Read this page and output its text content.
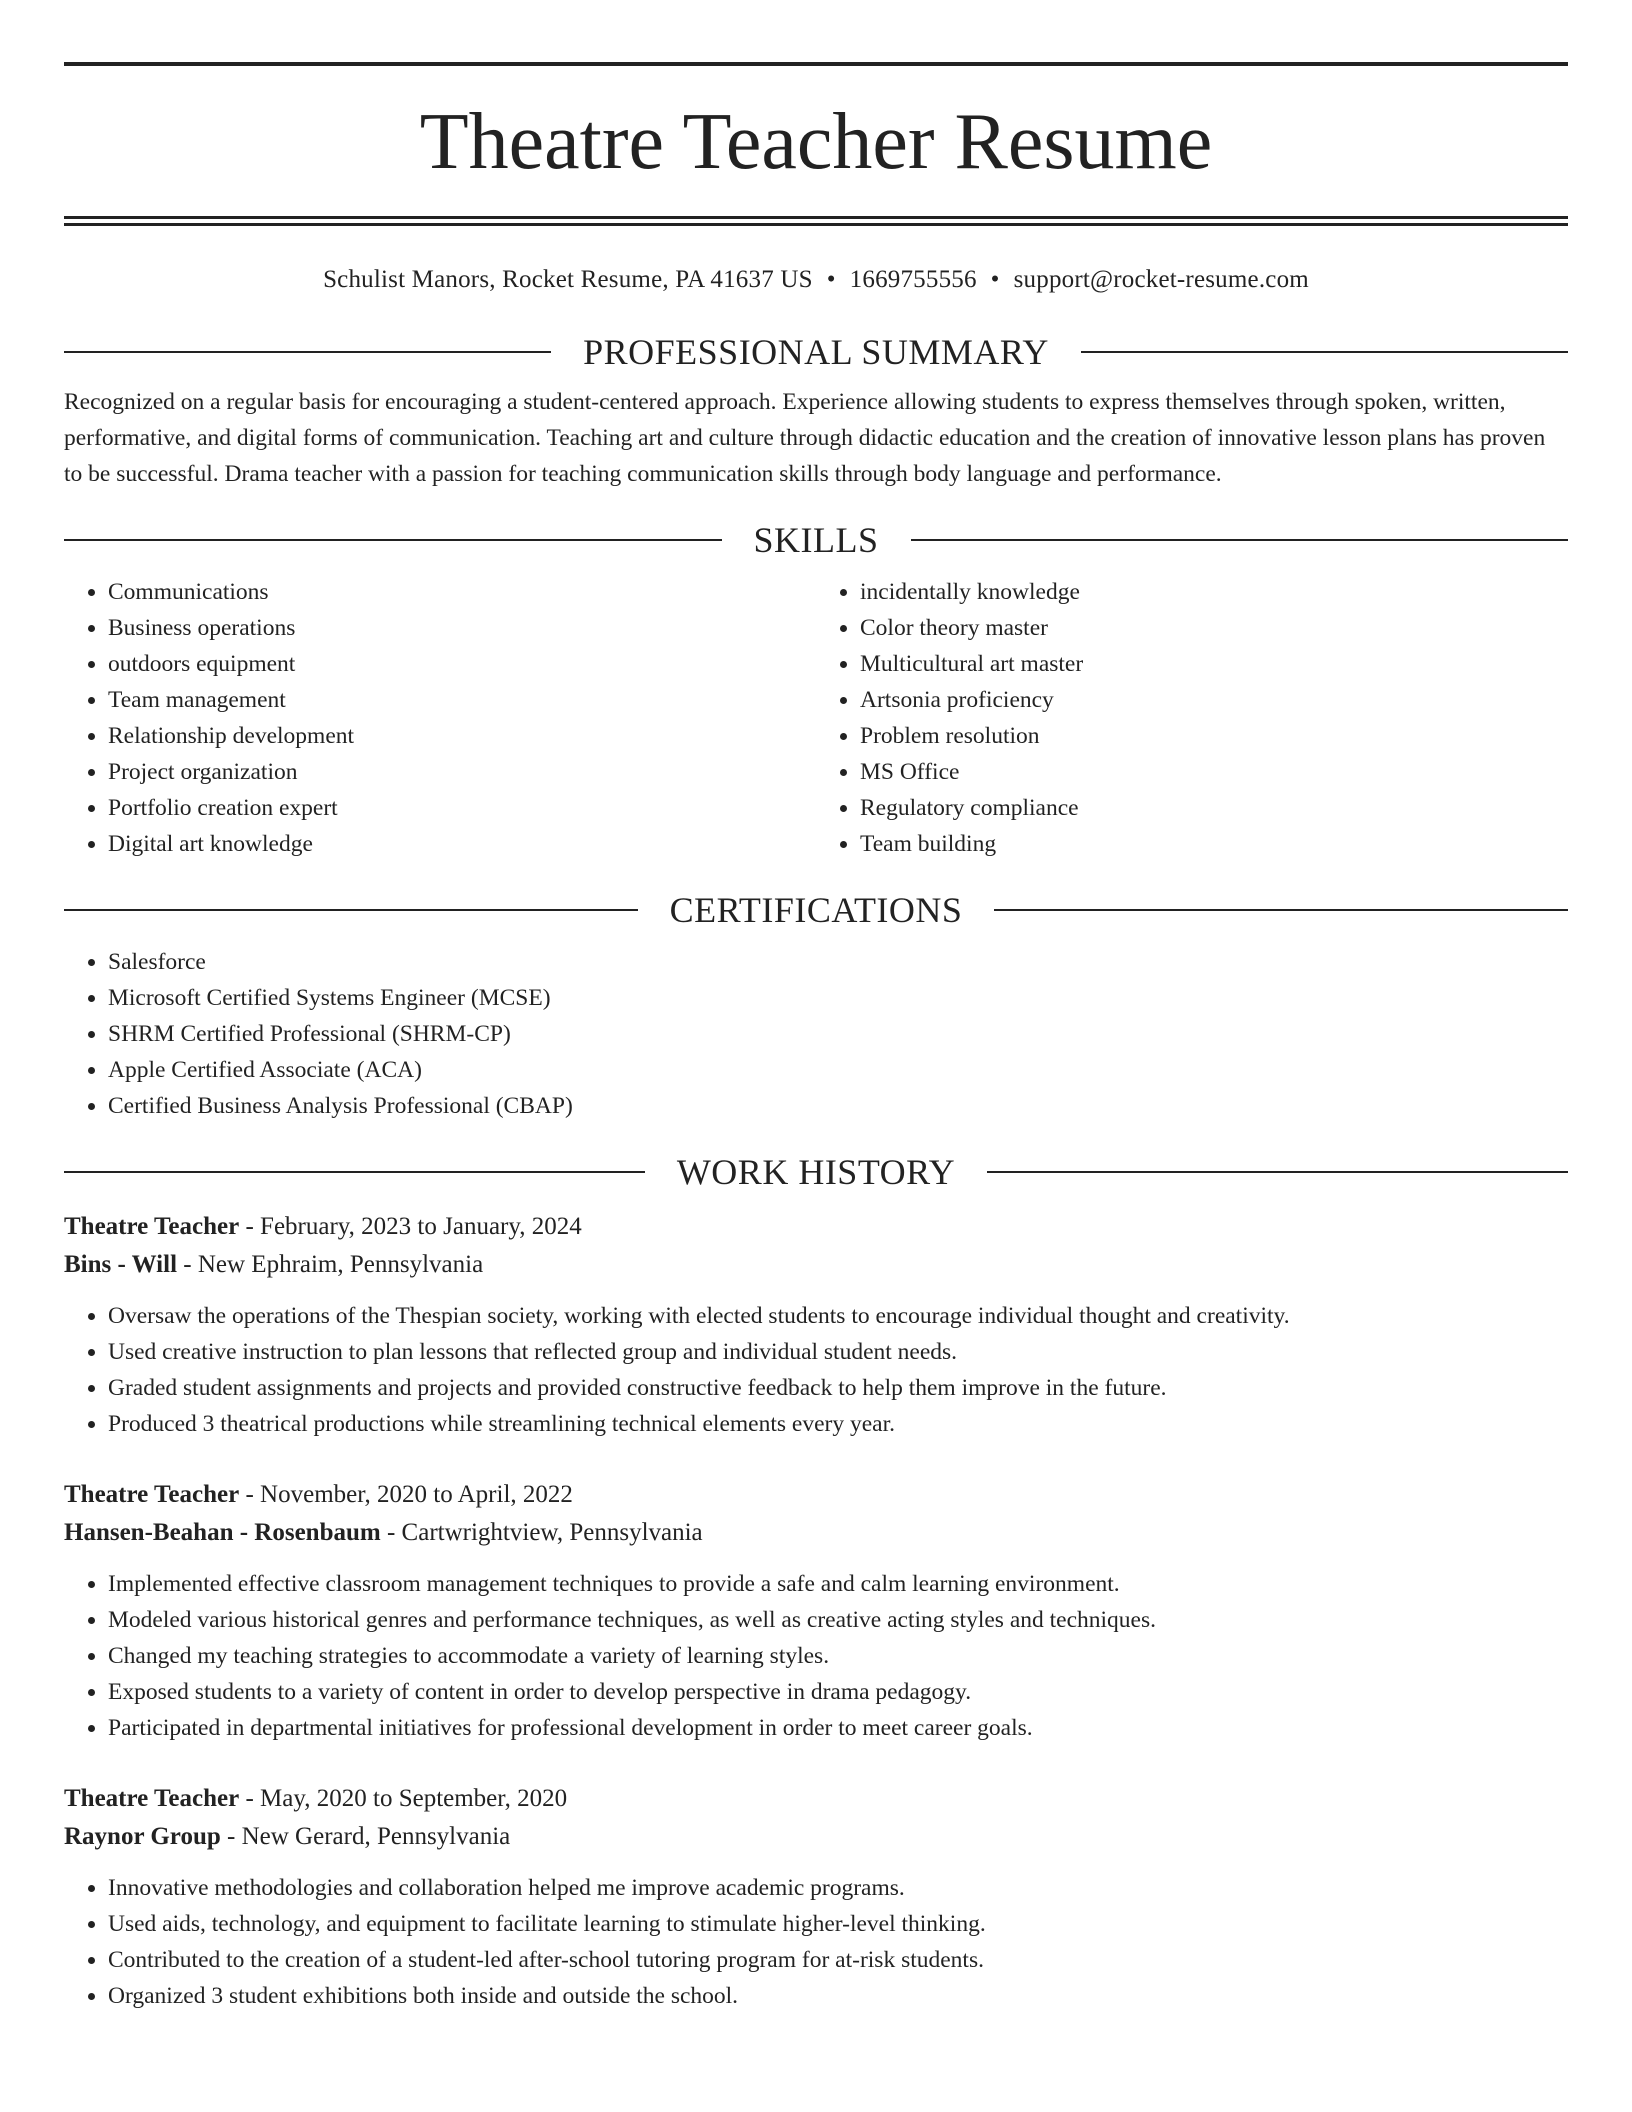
Theatre Teacher Resume
Schulist Manors, Rocket Resume, PA 41637 US • 1669755556 • support@rocket-resume.com
PROFESSIONAL SUMMARY

Recognized on a regular basis for encouraging a student-centered approach. Experience allowing students to express themselves through spoken, written, performative, and digital forms of communication. Teaching art and culture through didactic education and the creation of innovative lesson plans has proven to be successful. Drama teacher with a passion for teaching communication skills through body language and performance.

SKILLS
• Communications
• Business operations
• outdoors equipment
• Team management
• Relationship development
• Project organization
• Portfolio creation expert
• Digital art knowledge
• incidentally knowledge
• Color theory master
• Multicultural art master
• Artsonia proficiency
• Problem resolution
• MS Office
• Regulatory compliance
• Team building
CERTIFICATIONS
• Salesforce
• Microsoft Certified Systems Engineer (MCSE)
• SHRM Certified Professional (SHRM-CP)
• Apple Certified Associate (ACA)
• Certified Business Analysis Professional (CBAP)
WORK HISTORY
Theatre Teacher - February, 2023 to January, 2024
Bins - Will - New Ephraim, Pennsylvania
• Oversaw the operations of the Thespian society, working with elected students to encourage individual thought and creativity.
• Used creative instruction to plan lessons that reflected group and individual student needs.
• Graded student assignments and projects and provided constructive feedback to help them improve in the future.
• Produced 3 theatrical productions while streamlining technical elements every year.
Theatre Teacher - November, 2020 to April, 2022
Hansen-Beahan - Rosenbaum - Cartwrightview, Pennsylvania
• Implemented effective classroom management techniques to provide a safe and calm learning environment.
• Modeled various historical genres and performance techniques, as well as creative acting styles and techniques.
• Changed my teaching strategies to accommodate a variety of learning styles.
• Exposed students to a variety of content in order to develop perspective in drama pedagogy.
• Participated in departmental initiatives for professional development in order to meet career goals.
Theatre Teacher - May, 2020 to September, 2020
Raynor Group - New Gerard, Pennsylvania
• Innovative methodologies and collaboration helped me improve academic programs.
• Used aids, technology, and equipment to facilitate learning to stimulate higher-level thinking.
• Contributed to the creation of a student-led after-school tutoring program for at-risk students.
• Organized 3 student exhibitions both inside and outside the school.
